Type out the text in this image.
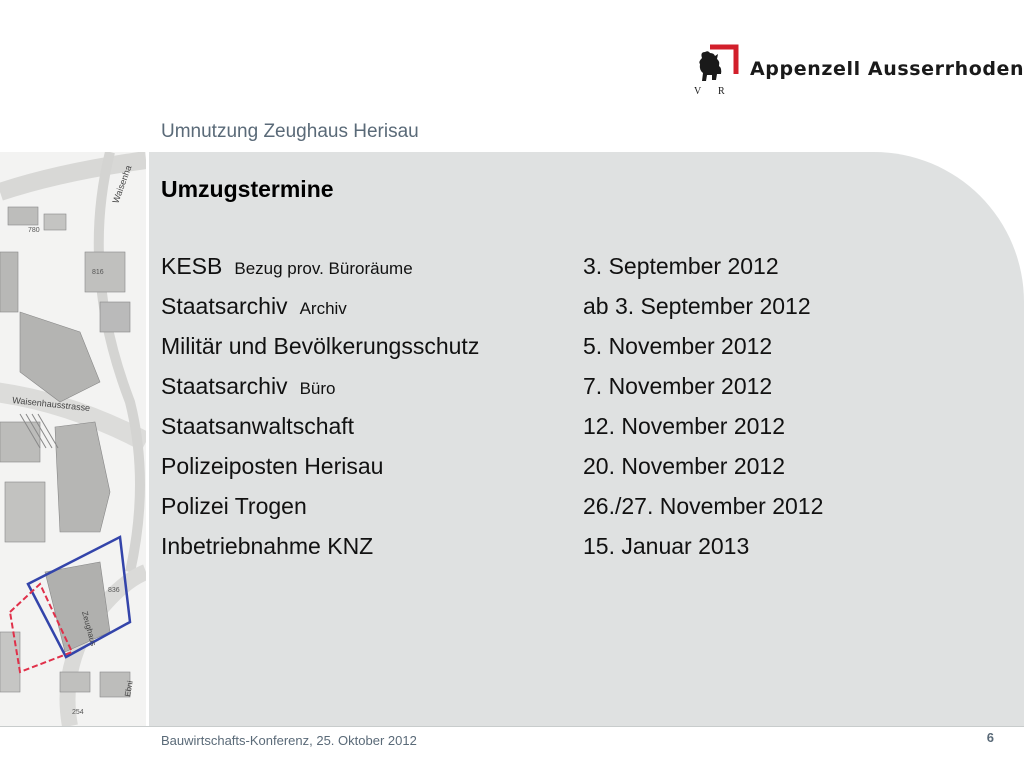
V R
Appenzell Ausserrhoden
Umnutzung Zeughaus Herisau
Waisenhausstrasse
Zeughaus
Waisenha
816
780
836
254
Ebni
Umzugstermine
KESB Bezug prov. Büroräume	3. September 2012
Staatsarchiv Archiv	ab 3. September 2012
Militär und Bevölkerungsschutz	5. November 2012
Staatsarchiv Büro	7. November 2012
Staatsanwaltschaft	12. November 2012
Polizeiposten Herisau	20. November 2012
Polizei Trogen	26./27. November 2012
Inbetriebnahme KNZ	15. Januar 2013
Bauwirtschafts-Konferenz, 25. Oktober 2012	6
